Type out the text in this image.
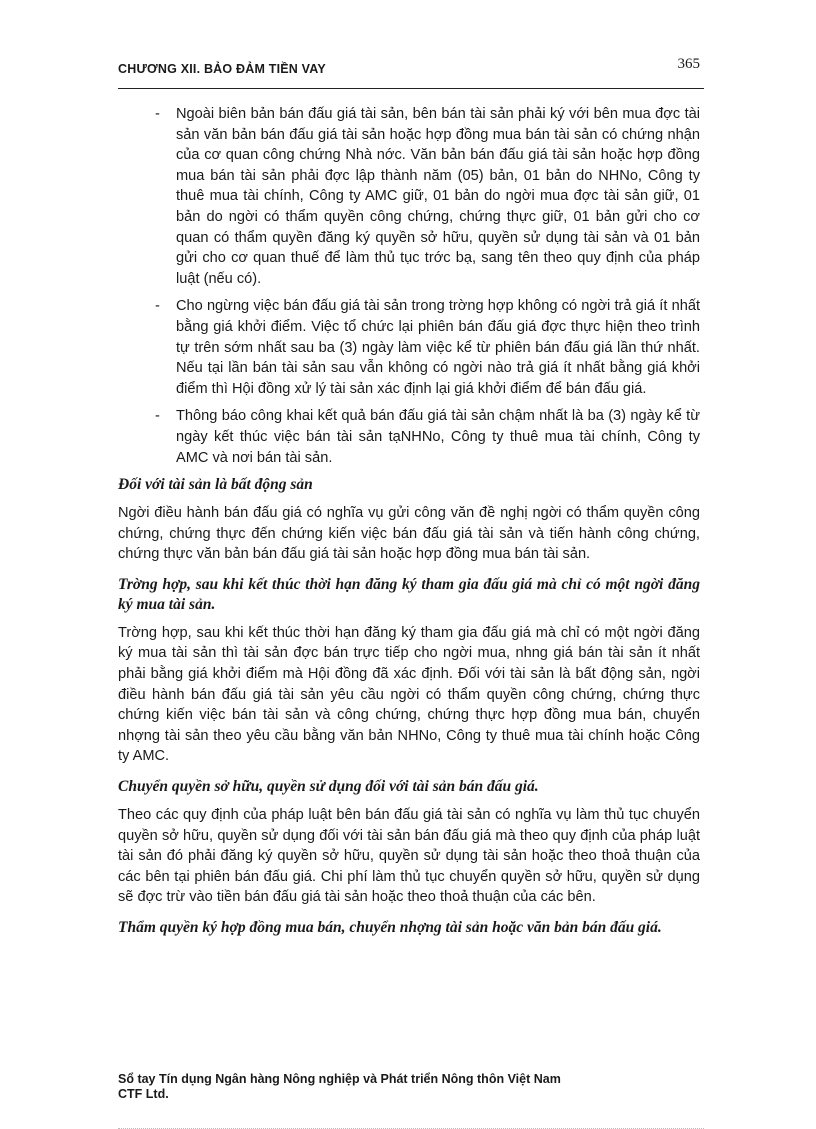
CHƯƠNG XII. BẢO ĐẢM TIỀN VAY	365
- Ngoài biên bản bán đấu giá tài sản, bên bán tài sản phải ký với bên mua đợc tài sản văn bản bán đấu giá tài sản hoặc hợp đồng mua bán tài sản có chứng nhận của cơ quan công chứng Nhà nớc. Văn bản bán đấu giá tài sản hoặc hợp đồng mua bán tài sản phải đợc lập thành năm (05) bản, 01 bản do NHNo, Công ty thuê mua tài chính, Công ty AMC giữ, 01 bản do ngời mua đợc tài sản giữ, 01 bản do ngời có thẩm quyền công chứng, chứng thực giữ, 01 bản gửi cho cơ quan có thẩm quyền đăng ký quyền sở hữu, quyền sử dụng tài sản và 01 bản gửi cho cơ quan thuế để làm thủ tục trớc bạ, sang tên theo quy định của pháp luật (nếu có).
- Cho ngừng việc bán đấu giá tài sản trong trờng hợp không có ngời trả giá ít nhất bằng giá khởi điểm. Việc tổ chức lại phiên bán đấu giá đợc thực hiện theo trình tự trên sớm nhất sau ba (3) ngày làm việc kể từ phiên bán đấu giá lần thứ nhất. Nếu tại lần bán tài sản sau vẫn không có ngời nào trả giá ít nhất bằng giá khởi điểm thì Hội đồng xử lý tài sản xác định lại giá khởi điểm để bán đấu giá.
- Thông báo công khai kết quả bán đấu giá tài sản chậm nhất là ba (3) ngày kể từ ngày kết thúc việc bán tài sản tạNHNo, Công ty thuê mua tài chính, Công ty AMC và nơi bán tài sản.
Đối với tài sản là bất động sản

Ngời điều hành bán đấu giá có nghĩa vụ gửi công văn đề nghị ngời có thẩm quyền công chứng, chứng thực đến chứng kiến việc bán đấu giá tài sản và tiến hành công chứng, chứng thực văn bản bán đấu giá tài sản hoặc hợp đồng mua bán tài sản.

Trờng hợp, sau khi kết thúc thời hạn đăng ký tham gia đấu giá mà chỉ có một ngời đăng ký mua tài sản.

Trờng hợp, sau khi kết thúc thời hạn đăng ký tham gia đấu giá mà chỉ có một ngời đăng ký mua tài sản thì tài sản đợc bán trực tiếp cho ngời mua, nhng giá bán tài sản ít nhất phải bằng giá khởi điểm mà Hội đồng đã xác định. Đối với tài sản là bất động sản, ngời điều hành bán đấu giá tài sản yêu cầu ngời có thẩm quyền công chứng, chứng thực chứng kiến việc bán tài sản và công chứng, chứng thực hợp đồng mua bán, chuyển nhợng tài sản theo yêu cầu bằng văn bản NHNo, Công ty thuê mua tài chính hoặc Công ty AMC.

Chuyển quyền sở hữu, quyền sử dụng đối với tài sản bán đấu giá.

Theo các quy định của pháp luật bên bán đấu giá tài sản có nghĩa vụ làm thủ tục chuyển quyền sở hữu, quyền sử dụng đối với tài sản bán đấu giá mà theo quy định của pháp luật tài sản đó phải đăng ký quyền sở hữu, quyền sử dụng tài sản hoặc theo thoả thuận của các bên tại phiên bán đấu giá. Chi phí làm thủ tục chuyển quyền sở hữu, quyền sử dụng sẽ đợc trừ vào tiền bán đấu giá tài sản hoặc theo thoả thuận của các bên.

Thẩm quyền ký hợp đồng mua bán, chuyển nhợng tài sản hoặc văn bản bán đấu giá.
Sổ tay Tín dụng Ngân hàng Nông nghiệp và Phát triển Nông thôn Việt Nam
CTF Ltd.
